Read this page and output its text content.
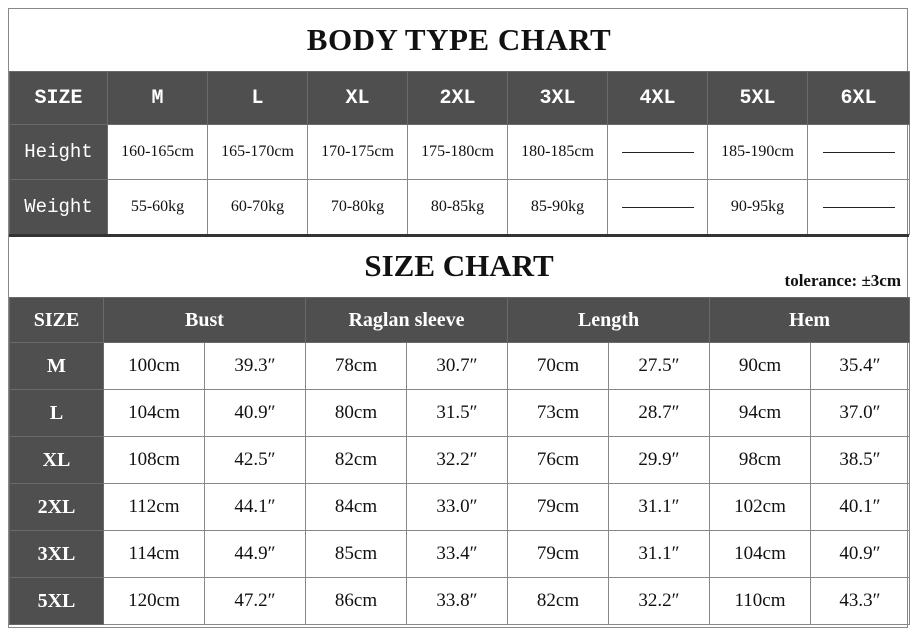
BODY TYPE CHART
SIZE	M	L	XL	2XL	3XL	4XL	5XL	6XL
Height	160-165cm	165-170cm	170-175cm	175-180cm	180-185cm		185-190cm	
Weight	55-60kg	60-70kg	70-80kg	80-85kg	85-90kg		90-95kg	
SIZE CHART	tolerance: ±3cm
SIZE	Bust		Raglan sleeve		Length		Hem	
M	100cm	39.3″	78cm	30.7″	70cm	27.5″	90cm	35.4″
L	104cm	40.9″	80cm	31.5″	73cm	28.7″	94cm	37.0″
XL	108cm	42.5″	82cm	32.2″	76cm	29.9″	98cm	38.5″
2XL	112cm	44.1″	84cm	33.0″	79cm	31.1″	102cm	40.1″
3XL	114cm	44.9″	85cm	33.4″	79cm	31.1″	104cm	40.9″
5XL	120cm	47.2″	86cm	33.8″	82cm	32.2″	110cm	43.3″
